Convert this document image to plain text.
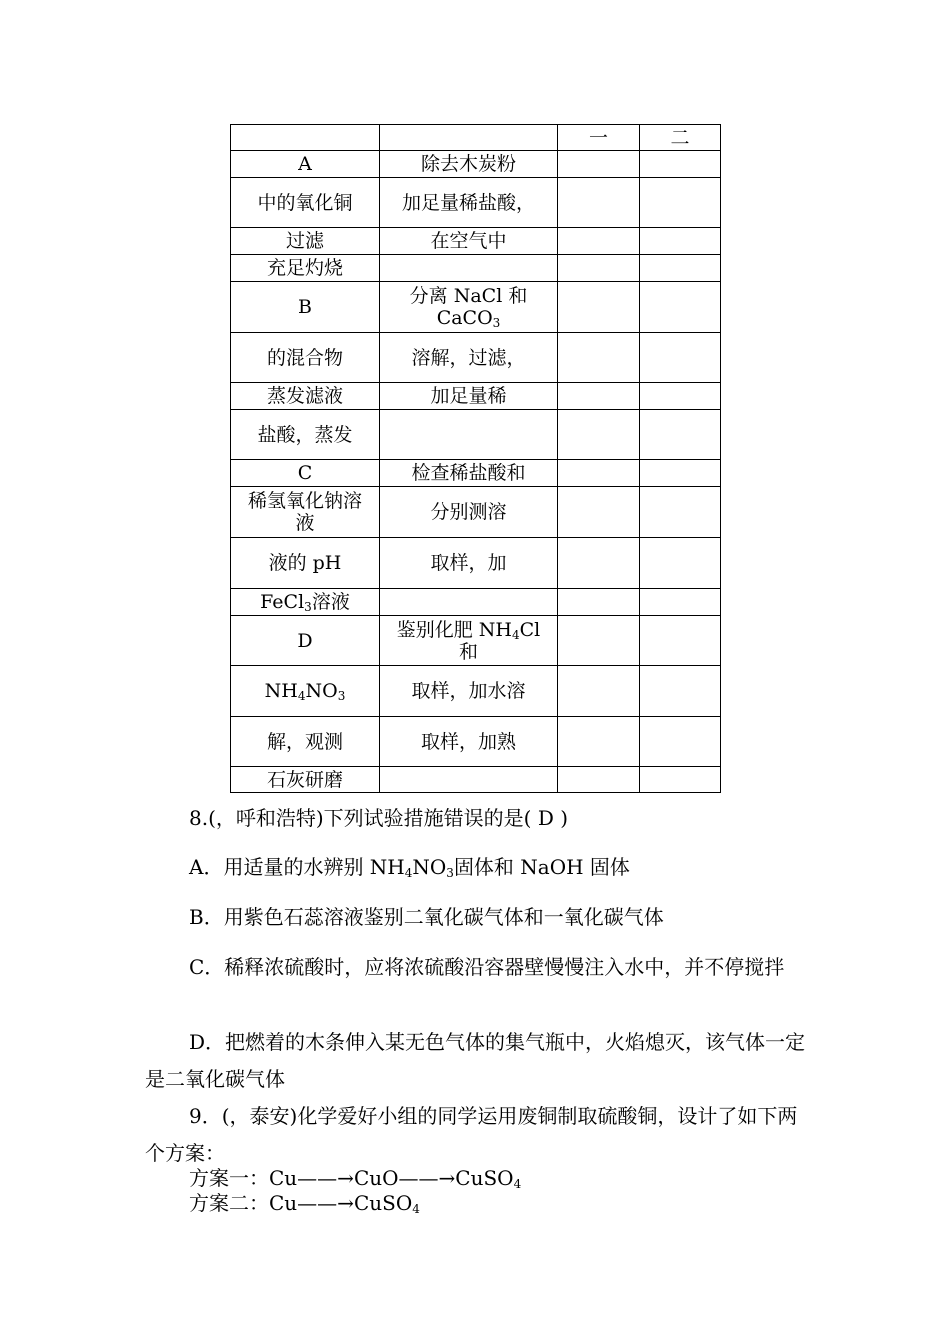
		一	二
A	除去木炭粉		
中的氧化铜	加足量稀盐酸，		
过滤	在空气中		
充足灼烧			
B	分离 NaCl 和
CaCO$_3$		
的混合物	溶解，过滤，		
蒸发滤液	加足量稀		
盐酸，蒸发			
C	检查稀盐酸和		
稀氢氧化钠溶液	分别测溶		
液的 pH	取样，加		
FeCl$_3$溶液			
D	鉴别化肥 $NH_4Cl$
和		
$NH_4NO_3$	取样，加水溶		
解，观测	取样，加熟		
石灰研磨			
8.(，呼和浩特)下列试验措施错误的是( D )
A．用适量的水辨别 $NH_4NO_3$固体和 NaOH 固体
B．用紫色石蕊溶液鉴别二氧化碳气体和一氧化碳气体
C．稀释浓硫酸时，应将浓硫酸沿容器壁慢慢注入水中，并不停搅拌
D．把燃着的木条伸入某无色气体的集气瓶中，火焰熄灭，该气体一定是二氧化碳气体
9．(，泰安)化学爱好小组的同学运用废铜制取硫酸铜，设计了如下两个方案：
方案一：Cu——→CuO——→CuSO$_4$
方案二：Cu——→CuSO$_4$
